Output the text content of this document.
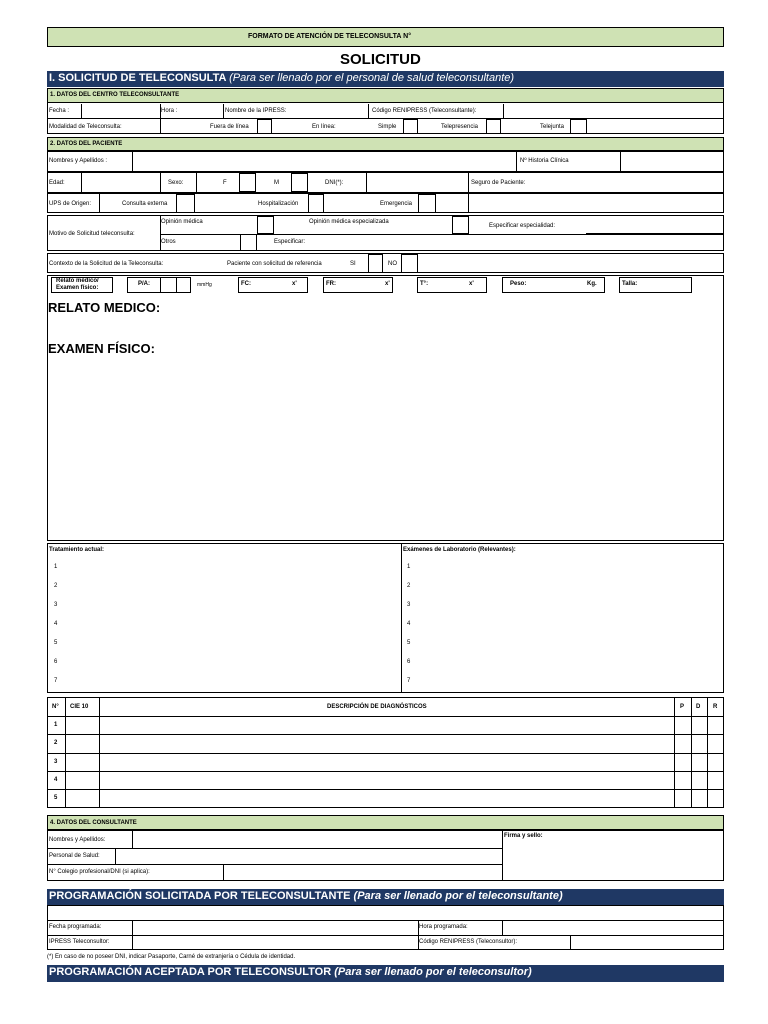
FORMATO DE ATENCIÓN DE TELECONSULTA N°
SOLICITUD
I. SOLICITUD DE TELECONSULTA (Para ser llenado por el personal de salud teleconsultante)
1. DATOS DEL CENTRO TELECONSULTANTE
Fecha :	Hora :	Nombre de la IPRESS:	Código RENIPRESS (Teleconsultante):
Modalidad de Teleconsulta:	Fuera de línea	En línea:	Simple	Telepresencia	Telejunta
2. DATOS DEL PACIENTE
Nombres y Apellidos :	Nº Historia Clínica
Edad:	Sexo:	F	M	DNI(*):	Seguro de Paciente:
UPS de Origen:	Consulta externa	Hospitalización	Emergencia
Motivo de Solicitud teleconsulta:
Opinión médica	Opinión médica especializada
Especificar especialidad:
Otros	Especificar:
Contexto de la Solicitud de la Teleconsulta:	Paciente con solicitud de referencia	SI	NO
Relato médico/
Examen físico:
P/A:	mmHg	FC:	x'	FR:	x'	T°:	x'	Peso:	Kg.	Talla:
RELATO MEDICO:
EXAMEN FÍSICO:
Tratamiento actual:	Exámenes de Laboratorio (Relevantes):
1
2
3
4
5
6
7
1
2
3
4
5
6
7
N° CIE 10	DESCRIPCIÓN DE DIAGNÓSTICOS	P D R
1
2
3
4
5
4. DATOS DEL CONSULTANTE
Firma y sello:
Nombres y Apellidos:
Personal de Salud:
N° Colegio profesional/DNI (si aplica):
PROGRAMACIÓN SOLICITADA POR TELECONSULTANTE (Para ser llenado por el teleconsultante)
Fecha programada:	Hora programada:
IPRESS Teleconsultor:	Código RENIPRESS (Teleconsultor):
(*) En caso de no poseer DNI, indicar Pasaporte, Carné de extranjería o Cédula de identidad.
PROGRAMACIÓN ACEPTADA POR TELECONSULTOR (Para ser llenado por el teleconsultor)
